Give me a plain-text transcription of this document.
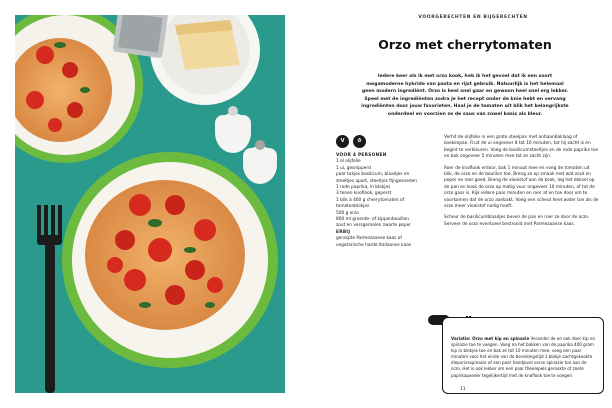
VOORGERECHTEN EN BIJGERECHTEN
Orzo met cherrytomaten
Iedere keer als ik met orzo kook, heb ik het gevoel dat ik een soort megamoderne hybride van pasta en rijst gebruik. Natuurlijk is het helemaal geen modern ingrediënt. Orzo is heel snel gaar en gewoon heel snel erg lekker. Speel met de ingrediënten zodra je het recept onder de knie hebt en vervang ingrediënten door jouw favorieten. Haal je de tomaten uit blik het belangrijkste onderdeel en voorzien ze de saus van zowel basis als kleur.
V	⏱
VOOR 4 PERSONEN
1 el olijfolie
1 ui, gesnipperd
paar takjes basilicum, blaadjes en
steeltjes apart, steeltjes fijngesneden
1 rode paprika, in blokjes
3 tenen knoflook, geperst
1 blik à 400 g cherrytomaten of
tomatenblokjes
500 g orzo
800 ml groente- of kippenbouillon
zout en versgemalen zwarte peper
ERBIJ
geraspte Parmezaanse kaas of
vegetarische harde Italiaanse kaas

Verhit de olijfolie in een grote steelpan met antiaanbaklaag of koekenpan. Fruit de ui ongeveer 8 tot 10 minuten, tot hij zacht is en begint te verkleuren. Voeg de basilicumsteeltjes en de rode paprika toe en bak ongeveer 5 minuten mee tot ze zacht zijn.

Roer de knoflook erdoor, bak 1 minuut mee en voeg de tomaten uit blik, de orzo en de bouillon toe. Breng zo op smaak met wat zout en peper en roer goed. Breng de vloeistof aan de kook, leg het deksel op de pan en kook de orzo op matig vuur ongeveer 10 minuten, of tot de orzo gaar is. Kijk iedere paar minuten en roer af en toe door om te voorkomen dat de orzo aanbakt. Voeg een scheut heet water toe als de orzo meer vloeistof nodig heeft.

Scheur de basilicumblaadjes boven de pan en roer ze door de orzo. Serveer de orzo eventueel bestrooid met Parmezaanse kaas.

Variatie: Orzo met kip en spinazie Verander de en ook door kip en spinazie toe te voegen. Voeg na het bakken van de paprika 400 gram kip in blokjes toe en bak ze tot 10 minuten mee, voeg een paar minuten voor het einde van de bereidingstijd 1 blokje zachtgekookte diepvriesspinazie of een paar handjevol verse spinazie toe aan de orzo. Het is ook lekker om een paar theelepels gerookte of zoete paprikapoeder tegelijkertijd met de knoflook toe te voegen.
11
